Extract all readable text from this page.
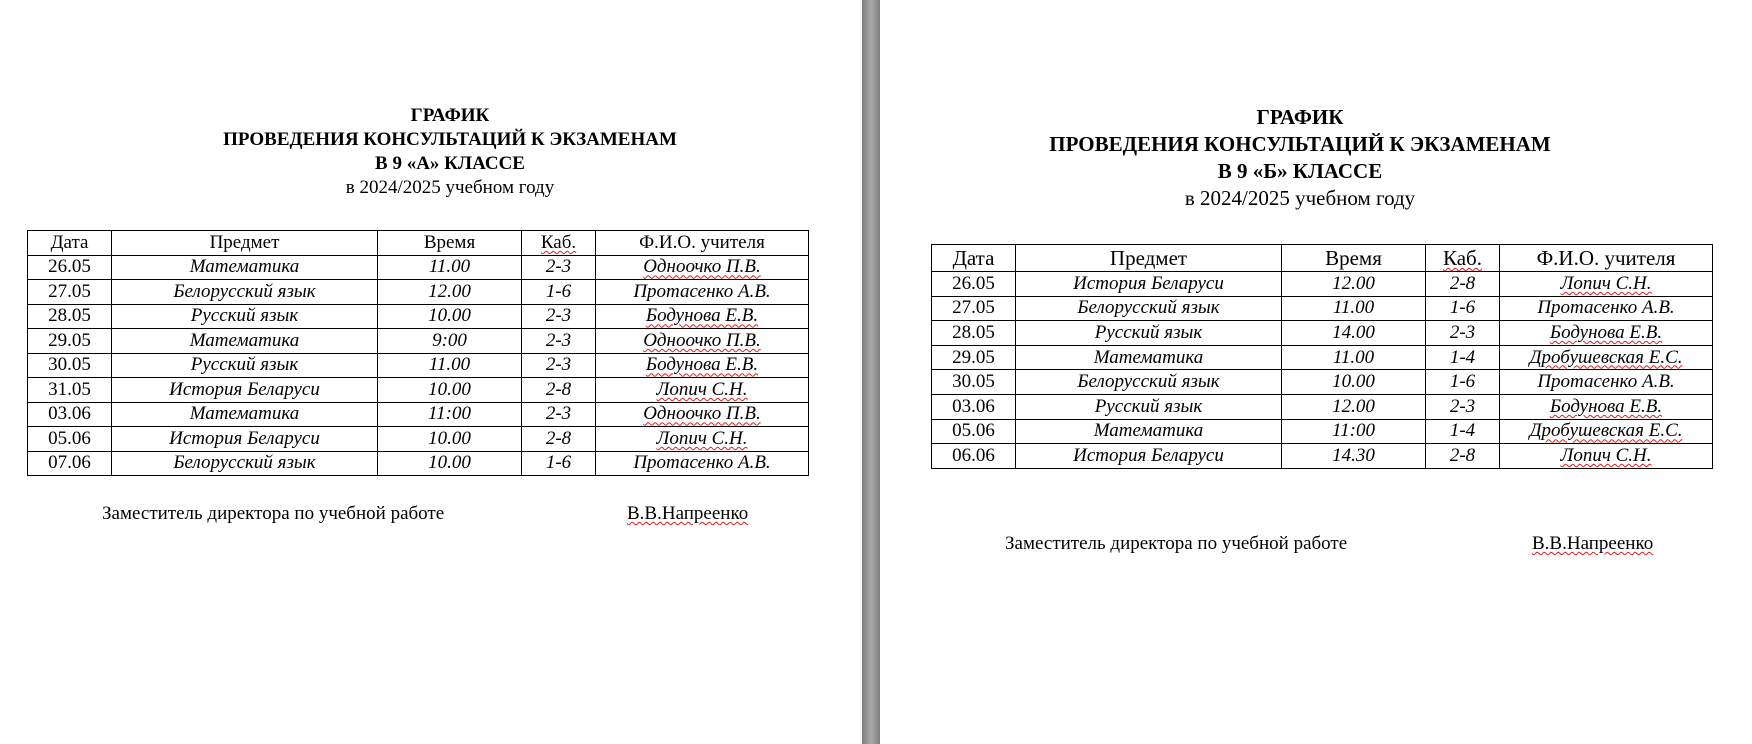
ГРАФИК
ПРОВЕДЕНИЯ КОНСУЛЬТАЦИЙ К ЭКЗАМЕНАМ
В 9 «А» КЛАССЕ
в 2024/2025 учебном году
Дата	Предмет	Время	Каб.	Ф.И.О. учителя
26.05	Математика	11.00	2-3	Одноочко П.В.
27.05	Белорусский язык	12.00	1-6	Протасенко А.В.
28.05	Русский язык	10.00	2-3	Бодунова Е.В.
29.05	Математика	9:00	2-3	Одноочко П.В.
30.05	Русский язык	11.00	2-3	Бодунова Е.В.
31.05	История Беларуси	10.00	2-8	Лопич С.Н.
03.06	Математика	11:00	2-3	Одноочко П.В.
05.06	История Беларуси	10.00	2-8	Лопич С.Н.
07.06	Белорусский язык	10.00	1-6	Протасенко А.В.
Заместитель директора по учебной работе	В.В.Напреенко
ГРАФИК
ПРОВЕДЕНИЯ КОНСУЛЬТАЦИЙ К ЭКЗАМЕНАМ
В 9 «Б» КЛАССЕ
в 2024/2025 учебном году
Дата	Предмет	Время	Каб.	Ф.И.О. учителя
26.05	История Беларуси	12.00	2-8	Лопич С.Н.
27.05	Белорусский язык	11.00	1-6	Протасенко А.В.
28.05	Русский язык	14.00	2-3	Бодунова Е.В.
29.05	Математика	11.00	1-4	Дробушевская Е.С.
30.05	Белорусский язык	10.00	1-6	Протасенко А.В.
03.06	Русский язык	12.00	2-3	Бодунова Е.В.
05.06	Математика	11:00	1-4	Дробушевская Е.С.
06.06	История Беларуси	14.30	2-8	Лопич С.Н.
Заместитель директора по учебной работе	В.В.Напреенко
